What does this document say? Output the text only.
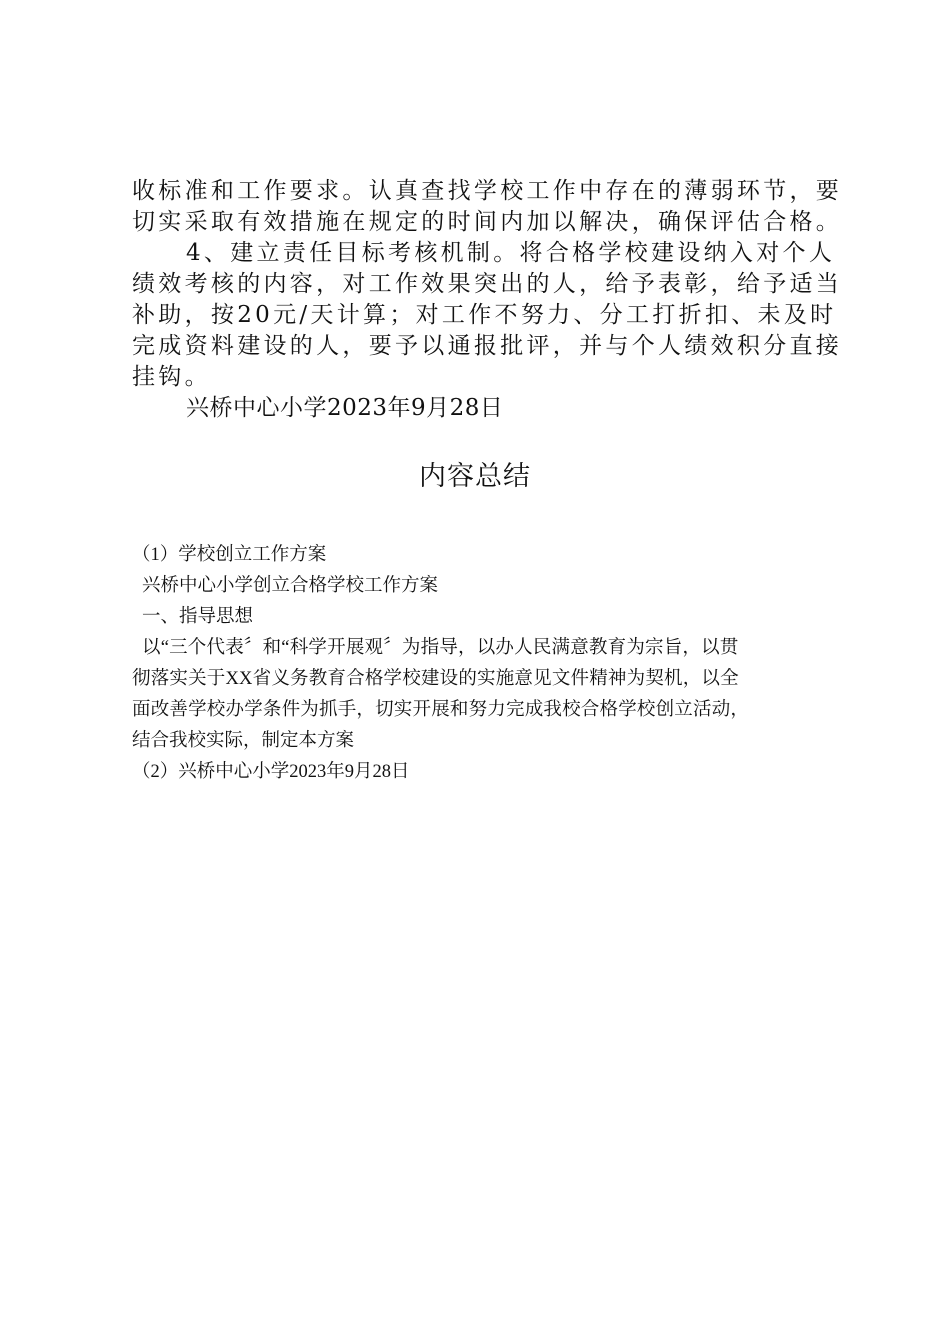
收标准和工作要求。认真查找学校工作中存在的薄弱环节，要
切实采取有效措施在规定的时间内加以解决，确保评估合格。
4、建立责任目标考核机制。将合格学校建设纳入对个人
绩效考核的内容，对工作效果突出的人，给予表彰，给予适当
补助，按20元/天计算；对工作不努力、分工打折扣、未及时
完成资料建设的人，要予以通报批评，并与个人绩效积分直接
挂钩。
兴桥中心小学2023年9月28日
内容总结
（1）学校创立工作方案
兴桥中心小学创立合格学校工作方案
一、指导思想
以“三个代表〞和“科学开展观〞为指导，以办人民满意教育为宗旨，以贯
彻落实关于XX省义务教育合格学校建设的实施意见文件精神为契机，以全
面改善学校办学条件为抓手，切实开展和努力完成我校合格学校创立活动，
结合我校实际，制定本方案
（2）兴桥中心小学2023年9月28日
